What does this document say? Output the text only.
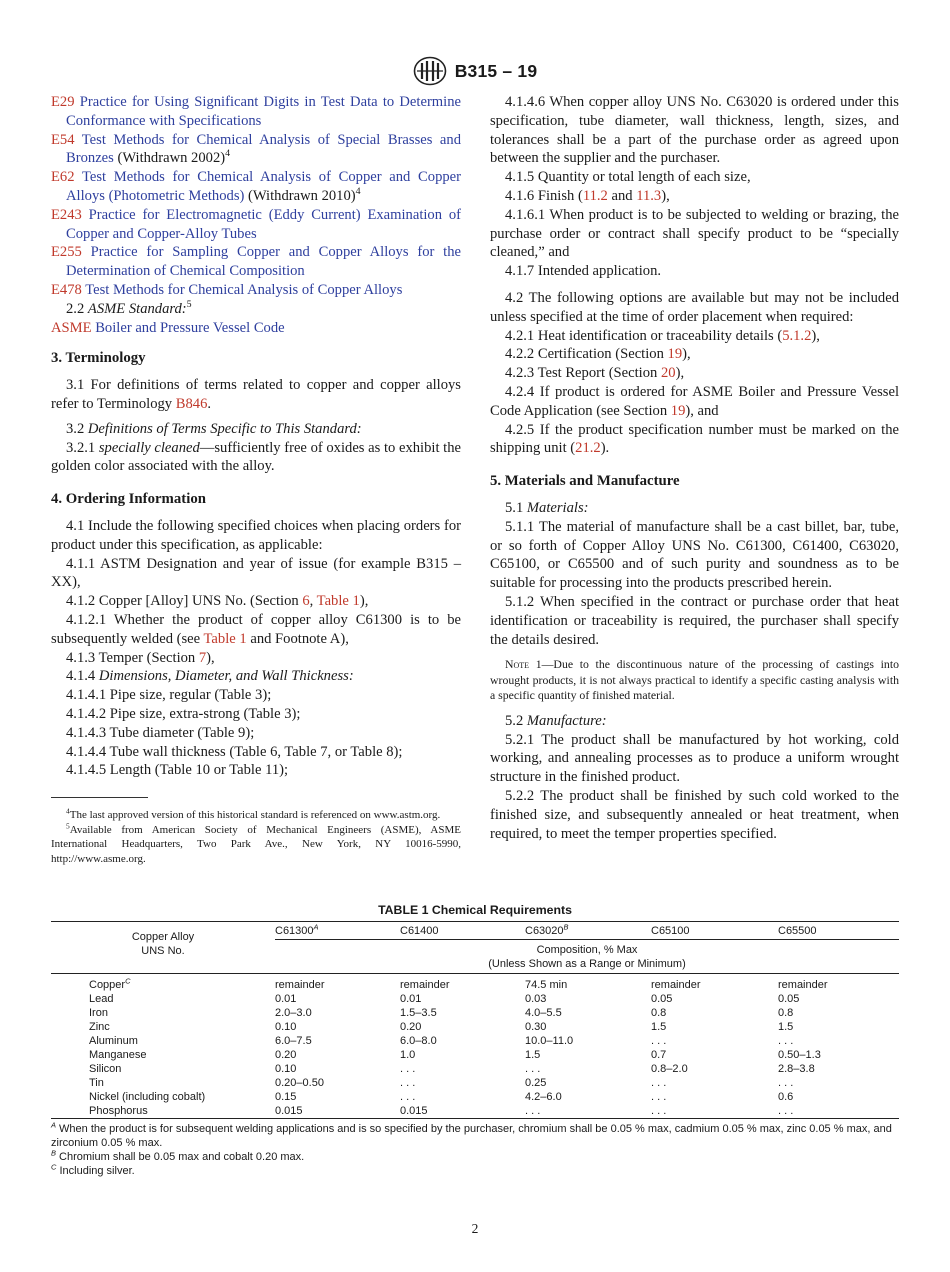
B315 – 19

E29 Practice for Using Significant Digits in Test Data to Determine Conformance with Specifications

E54 Test Methods for Chemical Analysis of Special Brasses and Bronzes (Withdrawn 2002)$^4$

E62 Test Methods for Chemical Analysis of Copper and Copper Alloys (Photometric Methods) (Withdrawn 2010)$^4$

E243 Practice for Electromagnetic (Eddy Current) Examination of Copper and Copper-Alloy Tubes

E255 Practice for Sampling Copper and Copper Alloys for the Determination of Chemical Composition

E478 Test Methods for Chemical Analysis of Copper Alloys

2.2 ASME Standard:$^5$

ASME Boiler and Pressure Vessel Code

3. Terminology

3.1 For definitions of terms related to copper and copper alloys refer to Terminology B846.

3.2 Definitions of Terms Specific to This Standard:

3.2.1 specially cleaned—sufficiently free of oxides as to exhibit the golden color associated with the alloy.

4. Ordering Information

4.1 Include the following specified choices when placing orders for product under this specification, as applicable:

4.1.1 ASTM Designation and year of issue (for example B315 – XX),

4.1.2 Copper [Alloy] UNS No. (Section 6, Table 1),

4.1.2.1 Whether the product of copper alloy C61300 is to be subsequently welded (see Table 1 and Footnote A),

4.1.3 Temper (Section 7),

4.1.4 Dimensions, Diameter, and Wall Thickness:

4.1.4.1 Pipe size, regular (Table 3);

4.1.4.2 Pipe size, extra-strong (Table 3);

4.1.4.3 Tube diameter (Table 9);

4.1.4.4 Tube wall thickness (Table 6, Table 7, or Table 8);

4.1.4.5 Length (Table 10 or Table 11);

$^4$The last approved version of this historical standard is referenced on www.astm.org.

$^5$Available from American Society of Mechanical Engineers (ASME), ASME International Headquarters, Two Park Ave., New York, NY 10016-5990, http://www.asme.org.

4.1.4.6 When copper alloy UNS No. C63020 is ordered under this specification, tube diameter, wall thickness, length, sizes, and tolerances shall be a part of the purchase order as agreed upon between the supplier and the purchaser.

4.1.5 Quantity or total length of each size,

4.1.6 Finish (11.2 and 11.3),

4.1.6.1 When product is to be subjected to welding or brazing, the purchase order or contract shall specify product to be “specially cleaned,” and

4.1.7 Intended application.

4.2 The following options are available but may not be included unless specified at the time of order placement when required:

4.2.1 Heat identification or traceability details (5.1.2),

4.2.2 Certification (Section 19),

4.2.3 Test Report (Section 20),

4.2.4 If product is ordered for ASME Boiler and Pressure Vessel Code Application (see Section 19), and

4.2.5 If the product specification number must be marked on the shipping unit (21.2).

5. Materials and Manufacture

5.1 Materials:

5.1.1 The material of manufacture shall be a cast billet, bar, tube, or so forth of Copper Alloy UNS No. C61300, C61400, C63020, C65100, or C65500 and of such purity and soundness as to be suitable for processing into the products prescribed herein.

5.1.2 When specified in the contract or purchase order that heat identification or traceability is required, the purchaser shall specify the details desired.

Note 1—Due to the discontinuous nature of the processing of castings into wrought products, it is not always practical to identify a specific casting analysis with a specific quantity of finished material.

5.2 Manufacture:

5.2.1 The product shall be manufactured by hot working, cold working, and annealing processes as to produce a uniform wrought structure in the finished product.

5.2.2 The product shall be finished by such cold worked to the finished size, and subsequently annealed or heat treatment, when required, to meet the temper properties specified.

TABLE 1 Chemical Requirements
Copper Alloy
UNS No.	$C61300^A$	C61400	$C63020^B$	C65100	C65500

	Composition, % Max
(Unless Shown as a Range or Minimum)				

Copper$^C$	remainder	remainder	74.5 min	remainder	remainder
Lead	0.01	0.01	0.03	0.05	0.05
Iron	2.0–3.0	1.5–3.5	4.0–5.5	0.8	0.8
Zinc	0.10	0.20	0.30	1.5	1.5
Aluminum	6.0–7.5	6.0–8.0	10.0–11.0	. . .	. . .
Manganese	0.20	1.0	1.5	0.7	0.50–1.3
Silicon	0.10	. . .	. . .	0.8–2.0	2.8–3.8
Tin	0.20–0.50	. . .	0.25	. . .	. . .
Nickel (including cobalt)	0.15	. . .	4.2–6.0	. . .	0.6
Phosphorus	0.015	0.015	. . .	. . .	. . .

$^A$ When the product is for subsequent welding applications and is so specified by the purchaser, chromium shall be 0.05 % max, cadmium 0.05 % max, zinc 0.05 % max, and zirconium 0.05 % max.

$^B$ Chromium shall be 0.05 max and cobalt 0.20 max.

$^C$ Including silver.

2
